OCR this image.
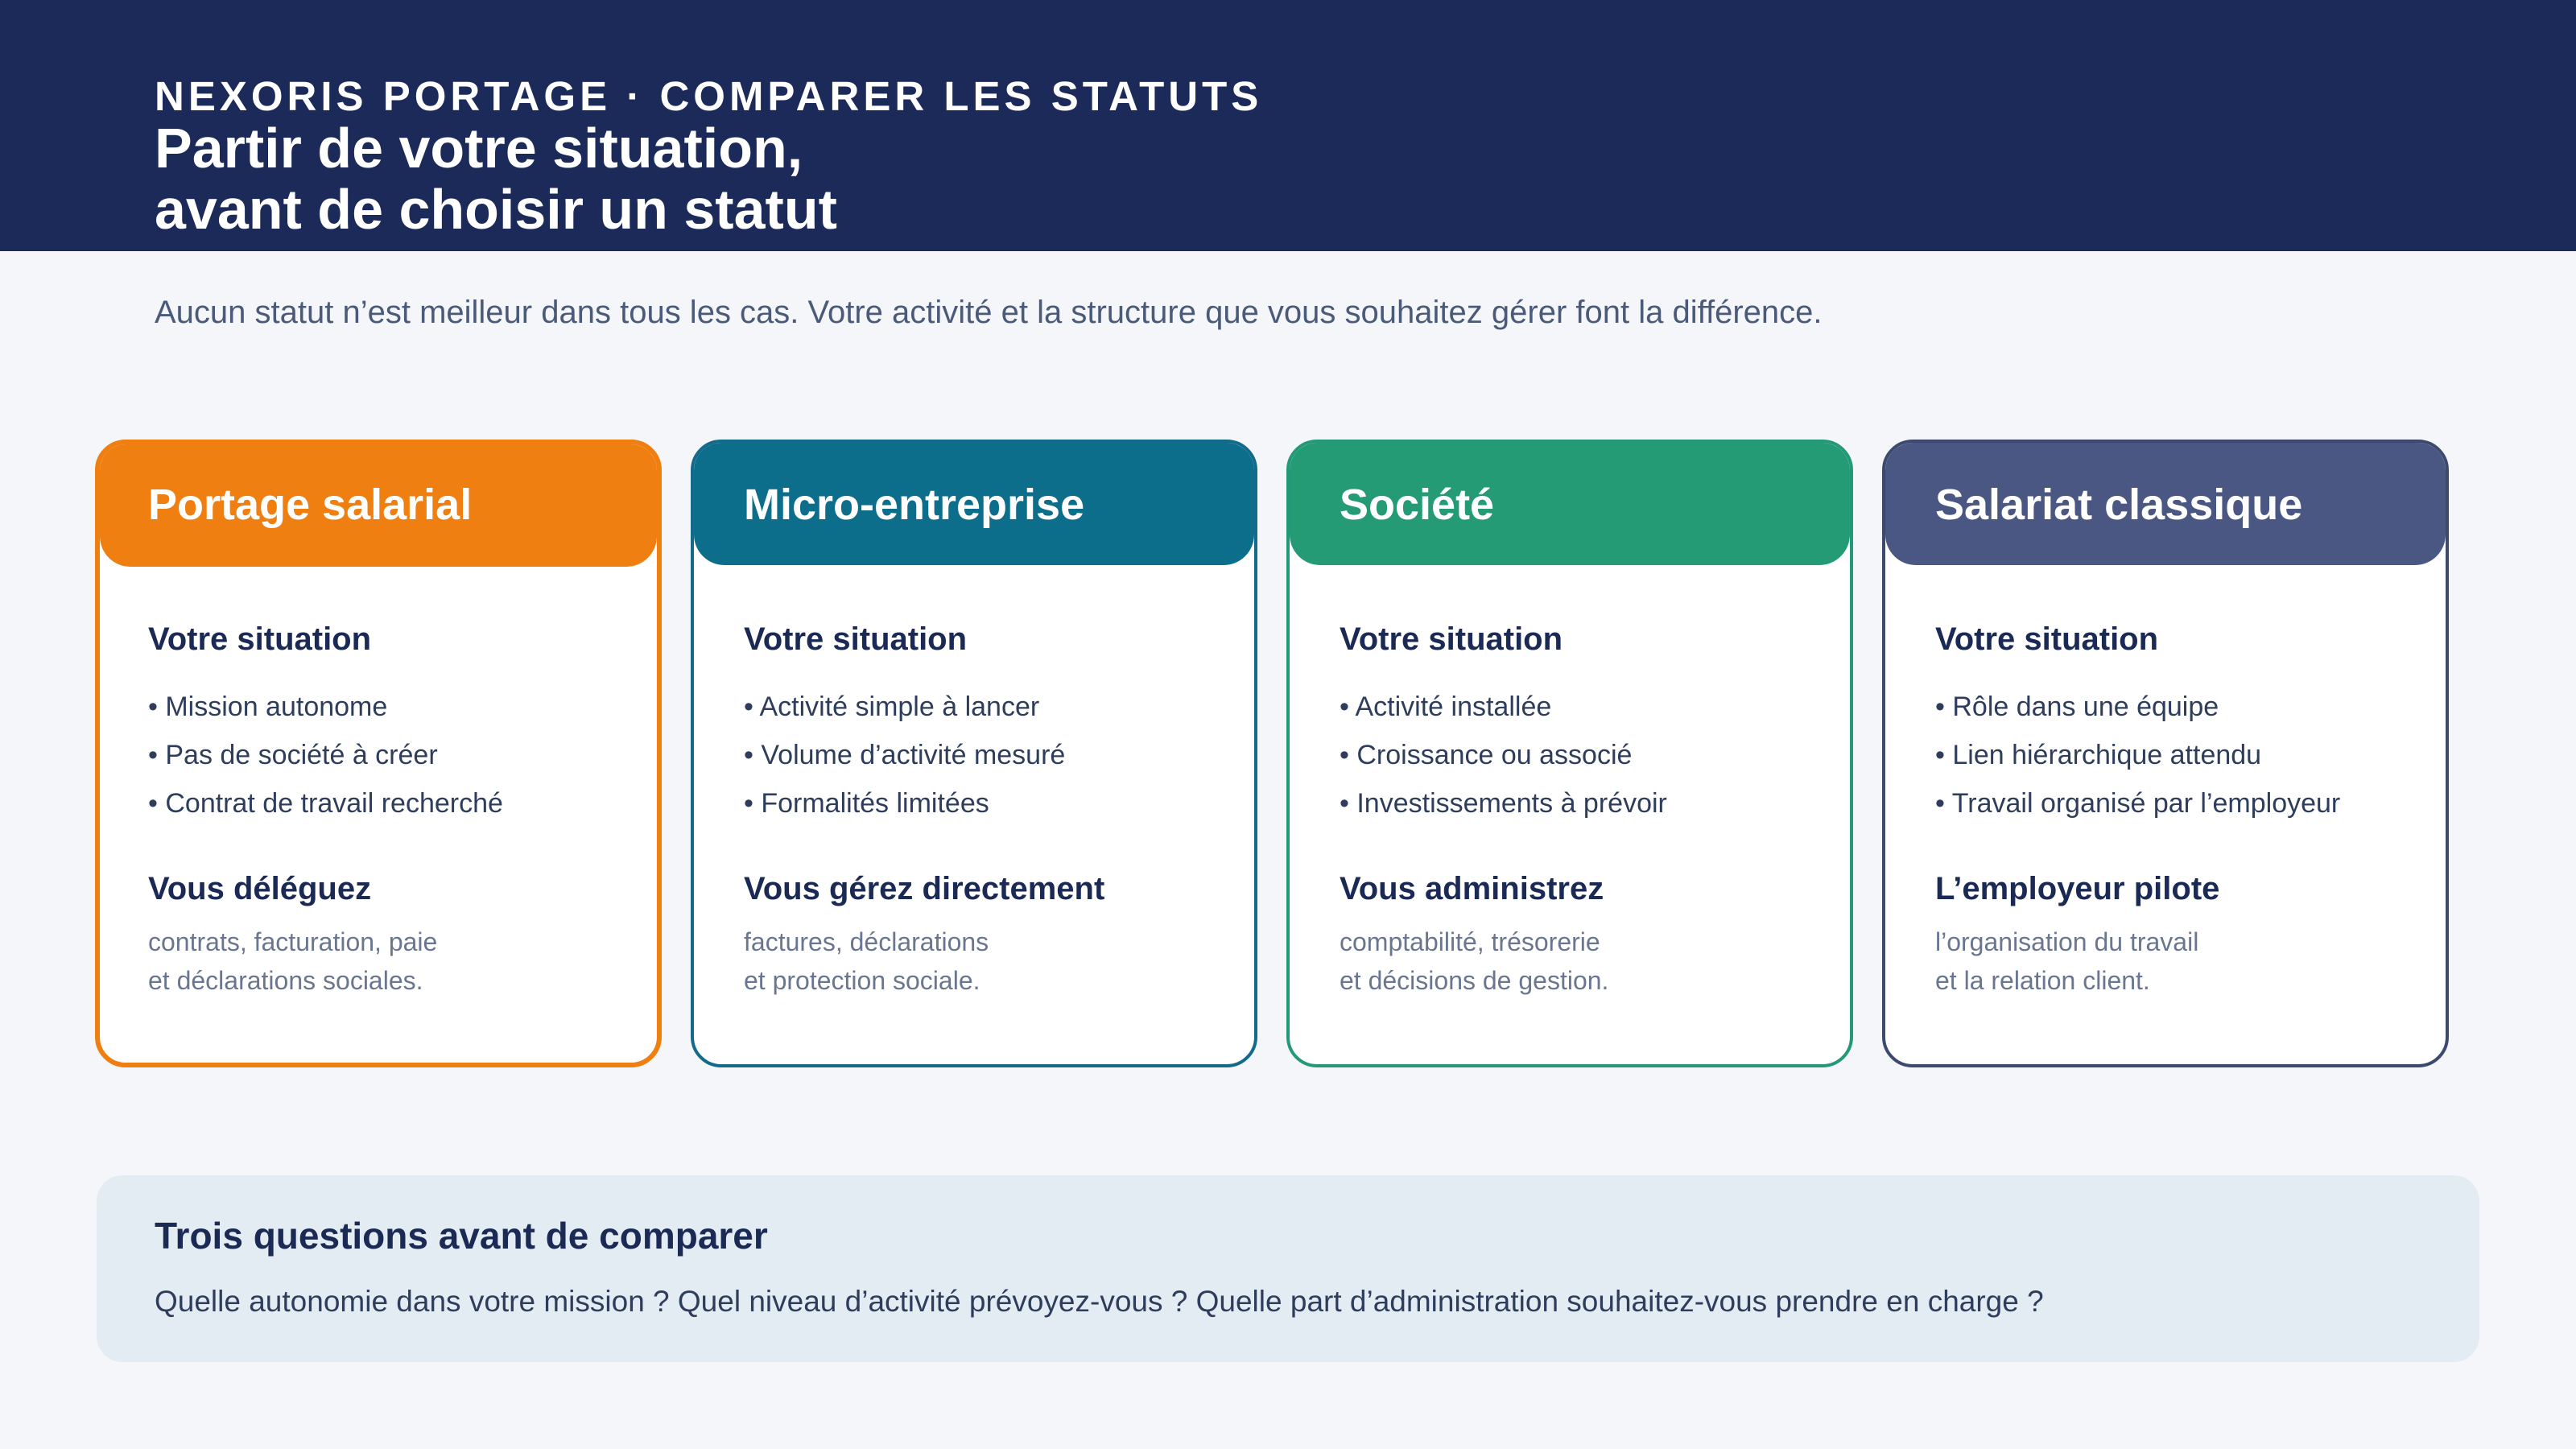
NEXORIS PORTAGE · COMPARER LES STATUTS
Partir de votre situation,
avant de choisir un statut
Aucun statut n’est meilleur dans tous les cas. Votre activité et la structure que vous souhaitez gérer font la différence.
Portage salarial
Votre situation
• Mission autonome
• Pas de société à créer
• Contrat de travail recherché
Vous déléguez
contrats, facturation, paie
et déclarations sociales.
Micro-entreprise
Votre situation
• Activité simple à lancer
• Volume d’activité mesuré
• Formalités limitées
Vous gérez directement
factures, déclarations
et protection sociale.
Société
Votre situation
• Activité installée
• Croissance ou associé
• Investissements à prévoir
Vous administrez
comptabilité, trésorerie
et décisions de gestion.
Salariat classique
Votre situation
• Rôle dans une équipe
• Lien hiérarchique attendu
• Travail organisé par l’employeur
L’employeur pilote
l’organisation du travail
et la relation client.
Trois questions avant de comparer
Quelle autonomie dans votre mission ? Quel niveau d’activité prévoyez-vous ? Quelle part d’administration souhaitez-vous prendre en charge ?
